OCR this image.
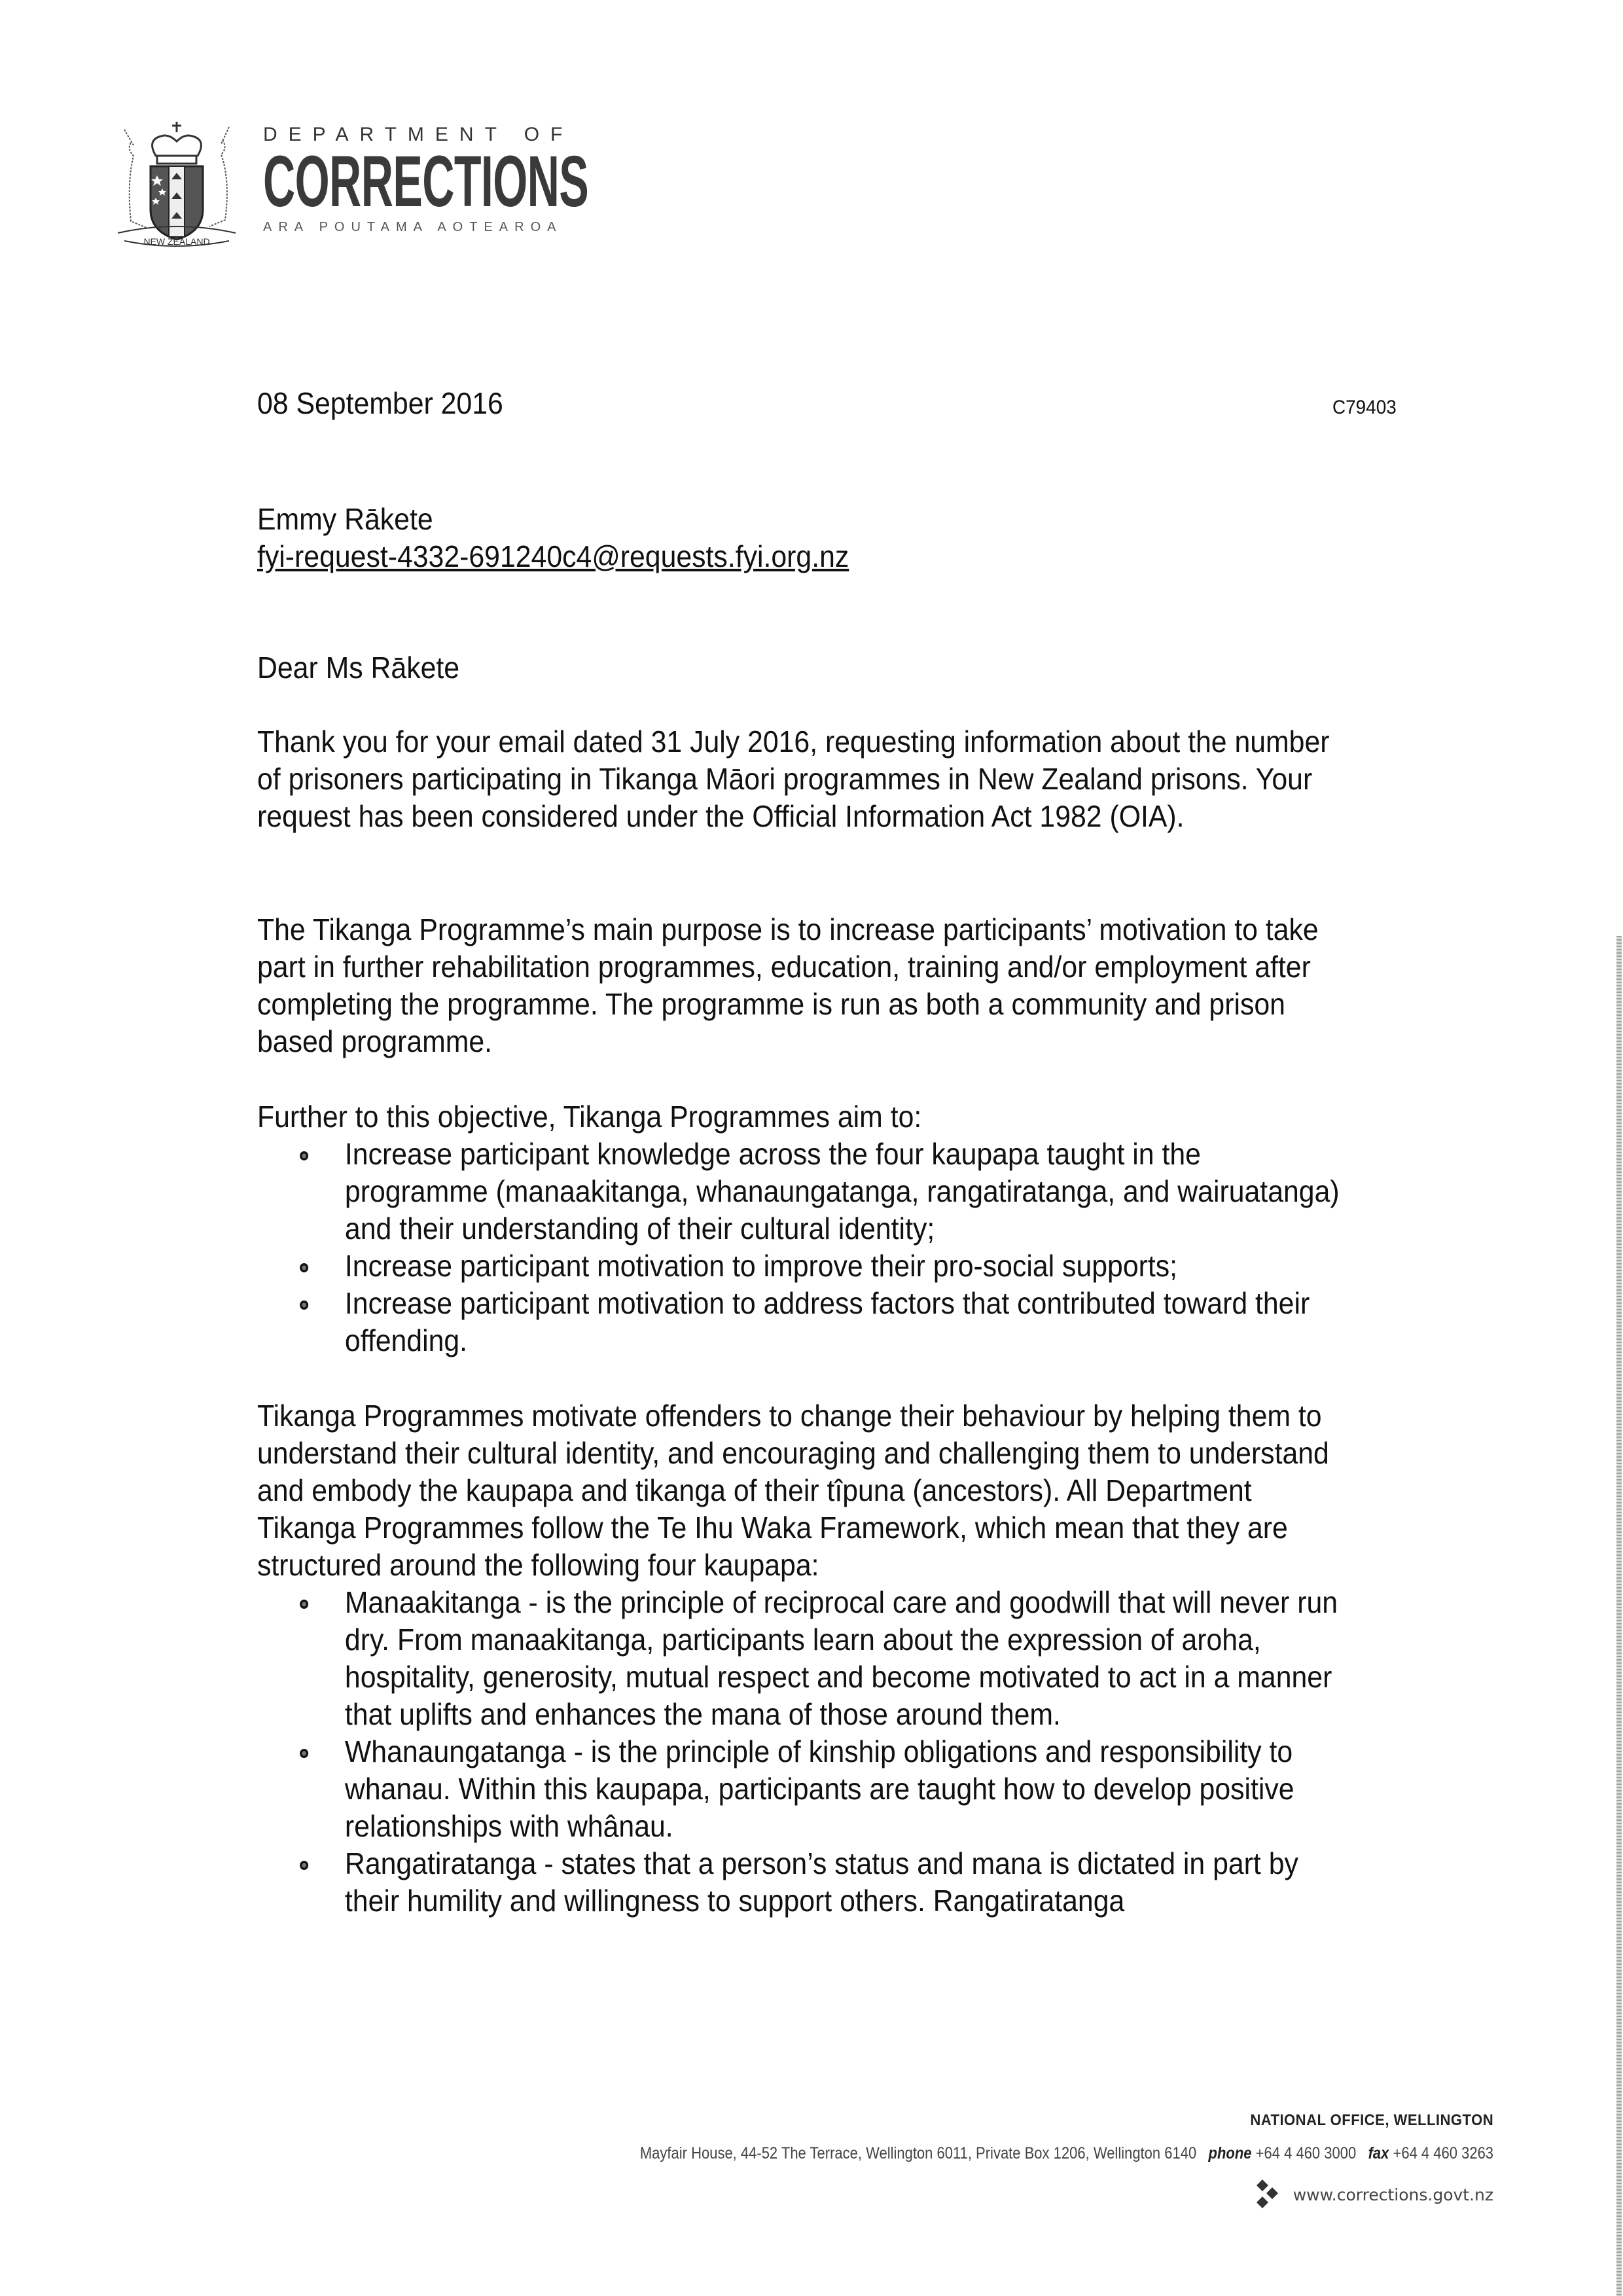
NEW ZEALAND
DEPARTMENT OF
CORRECTIONS
ARA POUTAMA AOTEAROA
08 September 2016	C79403
Emmy Rākete
fyi-request-4332-691240c4@requests.fyi.org.nz
Dear Ms Rākete

Thank you for your email dated 31 July 2016, requesting information about the number of prisoners participating in Tikanga Māori programmes in New Zealand prisons. Your request has been considered under the Official Information Act 1982 (OIA).

The Tikanga Programme’s main purpose is to increase participants’ motivation to take part in further rehabilitation programmes, education, training and/or employment after completing the programme. The programme is run as both a community and prison based programme.

Further to this objective, Tikanga Programmes aim to:

Increase participant knowledge across the four kaupapa taught in the programme (manaakitanga, whanaungatanga, rangatiratanga, and wairuatanga) and their understanding of their cultural identity;
Increase participant motivation to improve their pro-social supports;
Increase participant motivation to address factors that contributed toward their offending.

Tikanga Programmes motivate offenders to change their behaviour by helping them to understand their cultural identity, and encouraging and challenging them to understand and embody the kaupapa and tikanga of their tîpuna (ancestors). All Department Tikanga Programmes follow the Te Ihu Waka Framework, which mean that they are structured around the following four kaupapa:

Manaakitanga - is the principle of reciprocal care and goodwill that will never run dry. From manaakitanga, participants learn about the expression of aroha, hospitality, generosity, mutual respect and become motivated to act in a manner that uplifts and enhances the mana of those around them.
Whanaungatanga - is the principle of kinship obligations and responsibility to whanau. Within this kaupapa, participants are taught how to develop positive relationships with whânau.
Rangatiratanga - states that a person’s status and mana is dictated in part by their humility and willingness to support others. Rangatiratanga
NATIONAL OFFICE, WELLINGTON
Mayfair House, 44-52 The Terrace, Wellington 6011, Private Box 1206, Wellington 6140 phone +64 4 460 3000 fax +64 4 460 3263
www.corrections.govt.nz
